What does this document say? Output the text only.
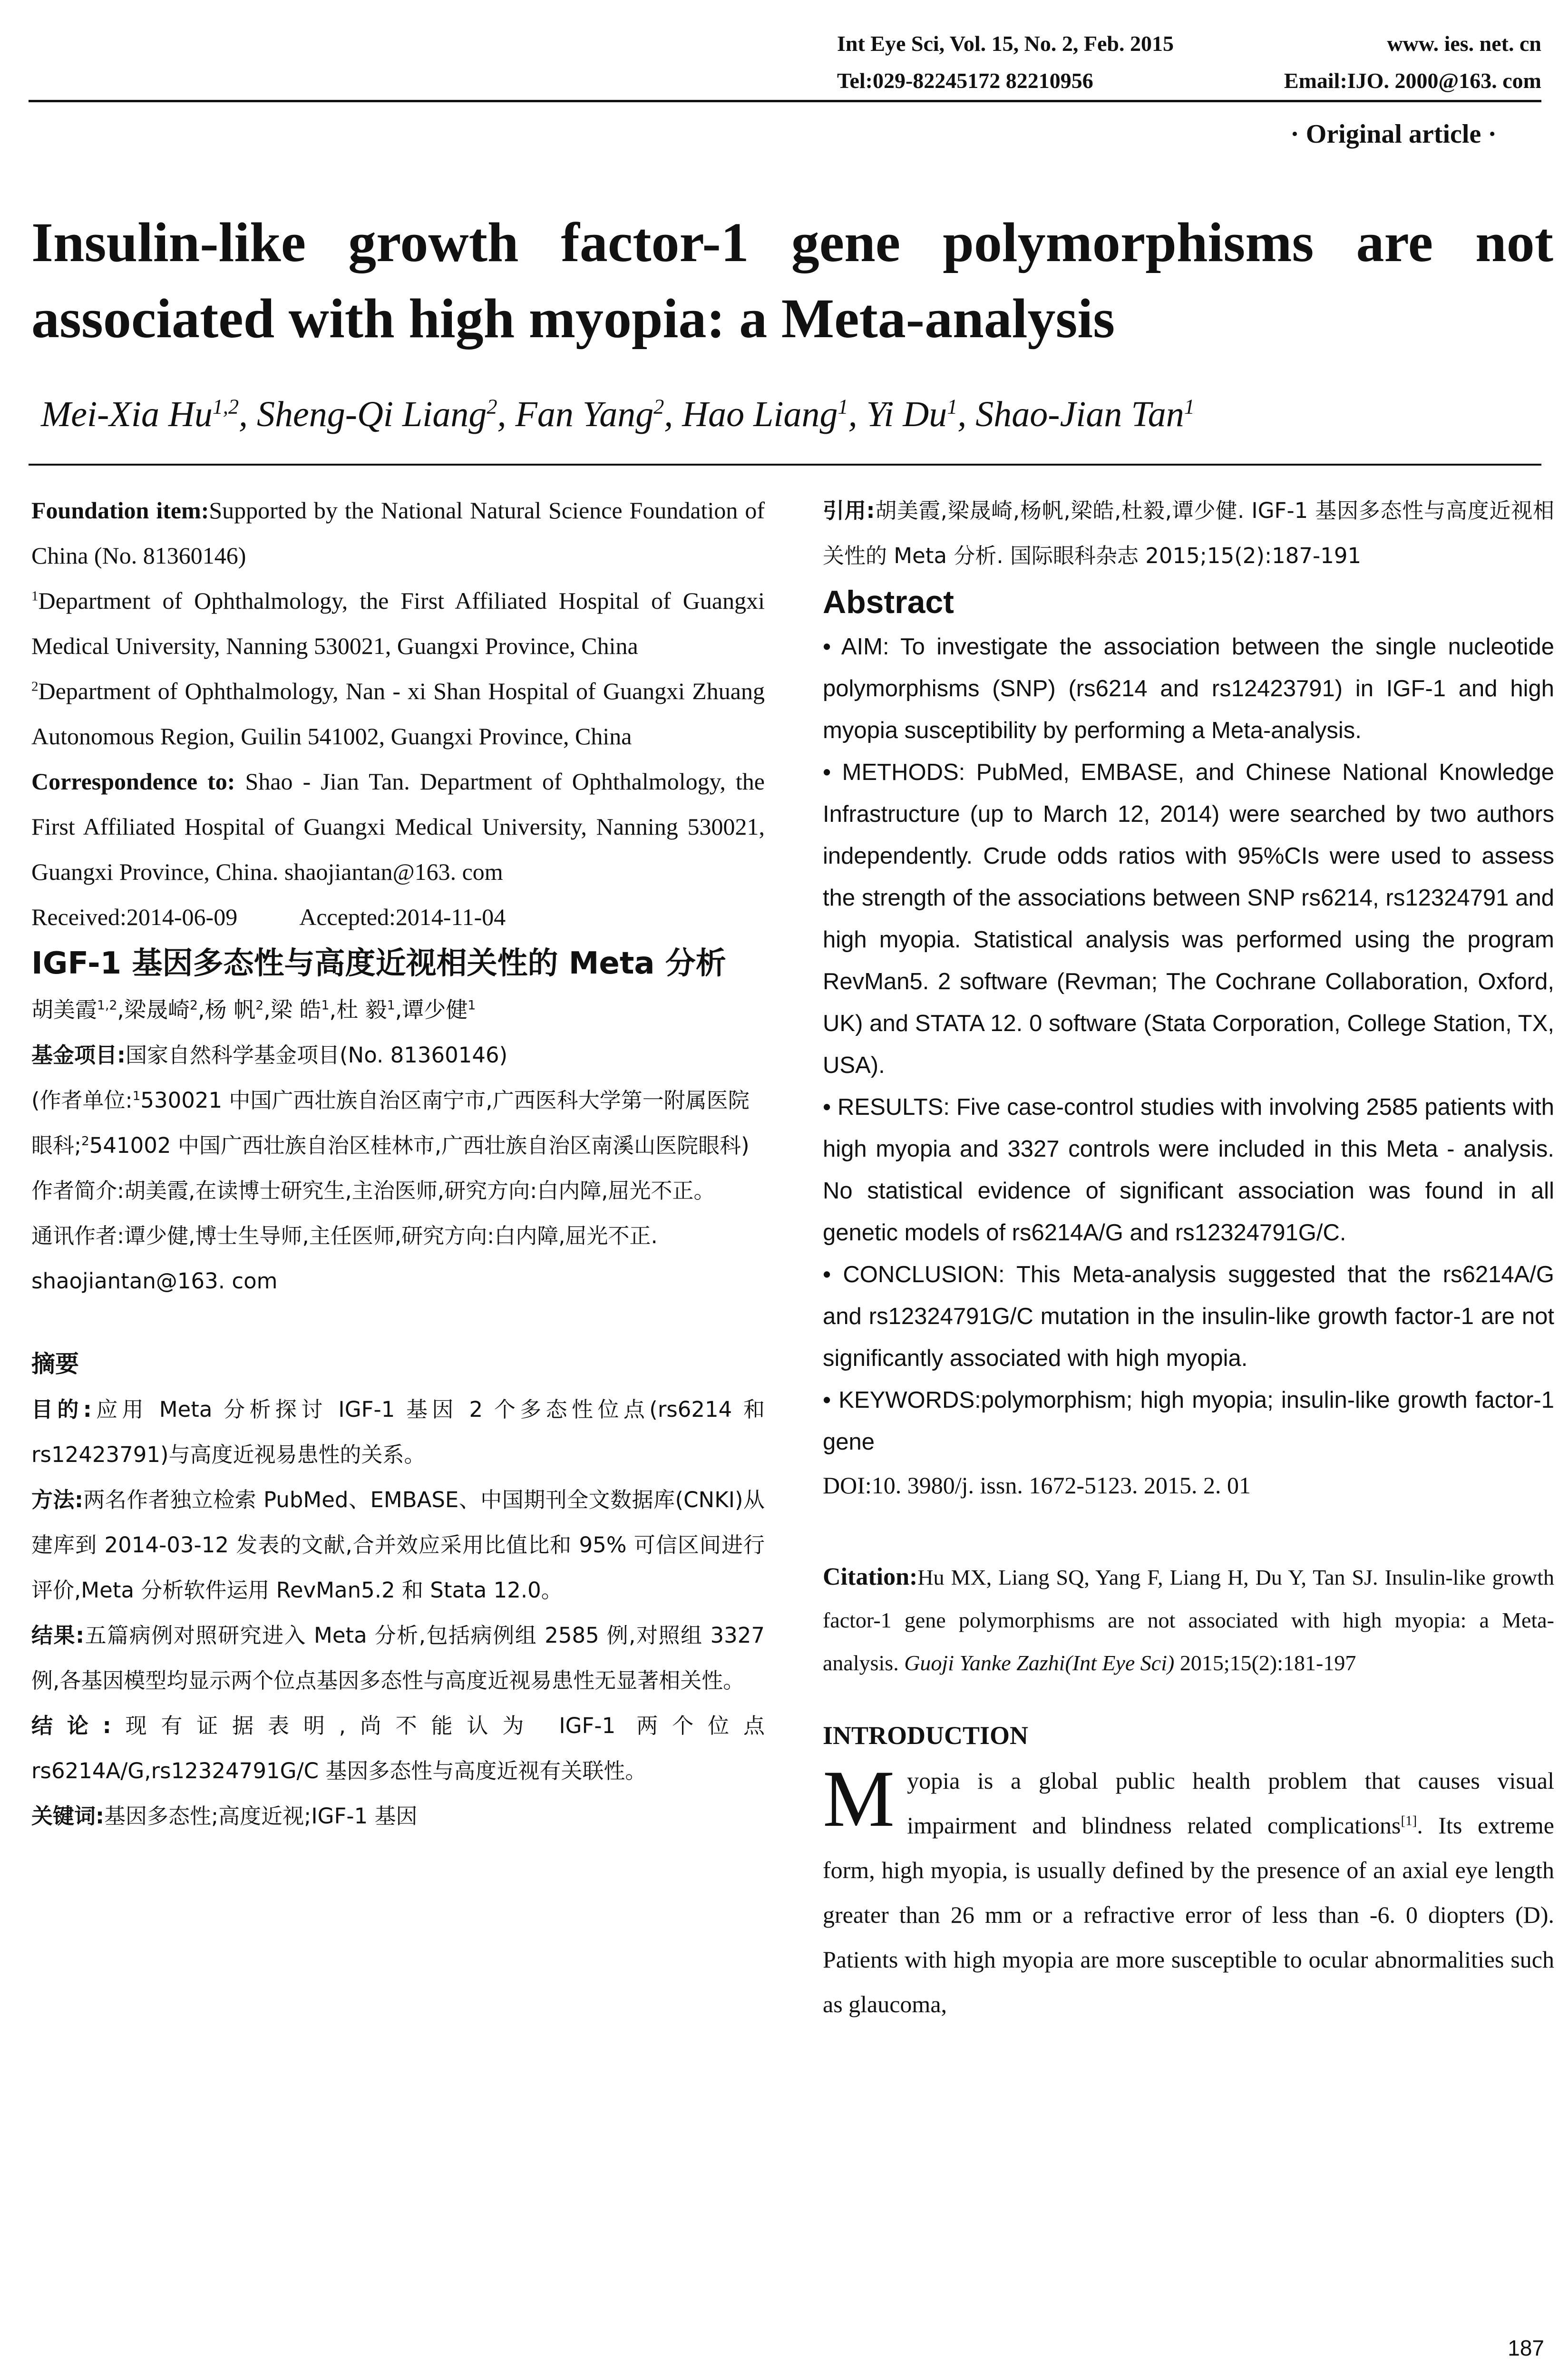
Int Eye Sci, Vol. 15, No. 2, Feb. 2015	www. ies. net. cn
Tel:029-82245172 82210956	Email:IJO. 2000@163. com
· Original article ·
Insulin-like growth factor-1 gene polymorphisms are not associated with high myopia: a Meta-analysis
Mei-Xia Hu$^{1,2}$, Sheng-Qi Liang$^2$, Fan Yang$^2$, Hao Liang$^1$, Yi Du$^1$, Shao-Jian Tan$^1$

Foundation item:Supported by the National Natural Science Foundation of China (No. 81360146)

$^1$Department of Ophthalmology, the First Affiliated Hospital of Guangxi Medical University, Nanning 530021, Guangxi Province, China

$^2$Department of Ophthalmology, Nan - xi Shan Hospital of Guangxi Zhuang Autonomous Region, Guilin 541002, Guangxi Province, China

Correspondence to: Shao - Jian Tan. Department of Ophthalmology, the First Affiliated Hospital of Guangxi Medical University, Nanning 530021, Guangxi Province, China. shaojiantan@163. com

Received:2014-06-09	Accepted:2014-11-04

IGF-1 基因多态性与高度近视相关性的 Meta 分析

胡美霞$^{1,2}$,梁晟崎$^2$,杨 帆$^2$,梁 皓$^1$,杜 毅$^1$,谭少健$^1$

基金项目:国家自然科学基金项目(No. 81360146)

(作者单位:$^1$530021 中国广西壮族自治区南宁市,广西医科大学第一附属医院眼科;$^2$541002 中国广西壮族自治区桂林市,广西壮族自治区南溪山医院眼科)

作者简介:胡美霞,在读博士研究生,主治医师,研究方向:白内障,屈光不正。

通讯作者:谭少健,博士生导师,主任医师,研究方向:白内障,屈光不正. shaojiantan@163. com

摘要

目的:应用 Meta 分析探讨 IGF-1 基因 2 个多态性位点(rs6214 和 rs12423791)与高度近视易患性的关系。

方法:两名作者独立检索 PubMed、EMBASE、中国期刊全文数据库(CNKI)从建库到 2014-03-12 发表的文献,合并效应采用比值比和 95% 可信区间进行评价,Meta 分析软件运用 RevMan5.2 和 Stata 12.0。

结果:五篇病例对照研究进入 Meta 分析,包括病例组 2585 例,对照组 3327 例,各基因模型均显示两个位点基因多态性与高度近视易患性无显著相关性。

结论:现有证据表明,尚不能认为 IGF-1 两个位点 rs6214A/G,rs12324791G/C 基因多态性与高度近视有关联性。

关键词:基因多态性;高度近视;IGF-1 基因

引用:胡美霞,梁晟崎,杨帆,梁皓,杜毅,谭少健. IGF-1 基因多态性与高度近视相关性的 Meta 分析. 国际眼科杂志 2015;15(2):187-191

Abstract

• AIM: To investigate the association between the single nucleotide polymorphisms (SNP) (rs6214 and rs12423791) in IGF-1 and high myopia susceptibility by performing a Meta-analysis.

• METHODS: PubMed, EMBASE, and Chinese National Knowledge Infrastructure (up to March 12, 2014) were searched by two authors independently. Crude odds ratios with 95%CIs were used to assess the strength of the associations between SNP rs6214, rs12324791 and high myopia. Statistical analysis was performed using the program RevMan5. 2 software (Revman; The Cochrane Collaboration, Oxford, UK) and STATA 12. 0 software (Stata Corporation, College Station, TX, USA).

• RESULTS: Five case-control studies with involving 2585 patients with high myopia and 3327 controls were included in this Meta - analysis. No statistical evidence of significant association was found in all genetic models of rs6214A/G and rs12324791G/C.

• CONCLUSION: This Meta-analysis suggested that the rs6214A/G and rs12324791G/C mutation in the insulin-like growth factor-1 are not significantly associated with high myopia.

• KEYWORDS:polymorphism; high myopia; insulin-like growth factor-1 gene

DOI:10. 3980/j. issn. 1672-5123. 2015. 2. 01

Citation:Hu MX, Liang SQ, Yang F, Liang H, Du Y, Tan SJ. Insulin-like growth factor-1 gene polymorphisms are not associated with high myopia: a Meta-analysis. Guoji Yanke Zazhi(Int Eye Sci) 2015;15(2):181-197

INTRODUCTION

Myopia is a global public health problem that causes visual impairment and blindness related complications[1]. Its extreme form, high myopia, is usually defined by the presence of an axial eye length greater than 26 mm or a refractive error of less than -6. 0 diopters (D). Patients with high myopia are more susceptible to ocular abnormalities such as glaucoma,

187
